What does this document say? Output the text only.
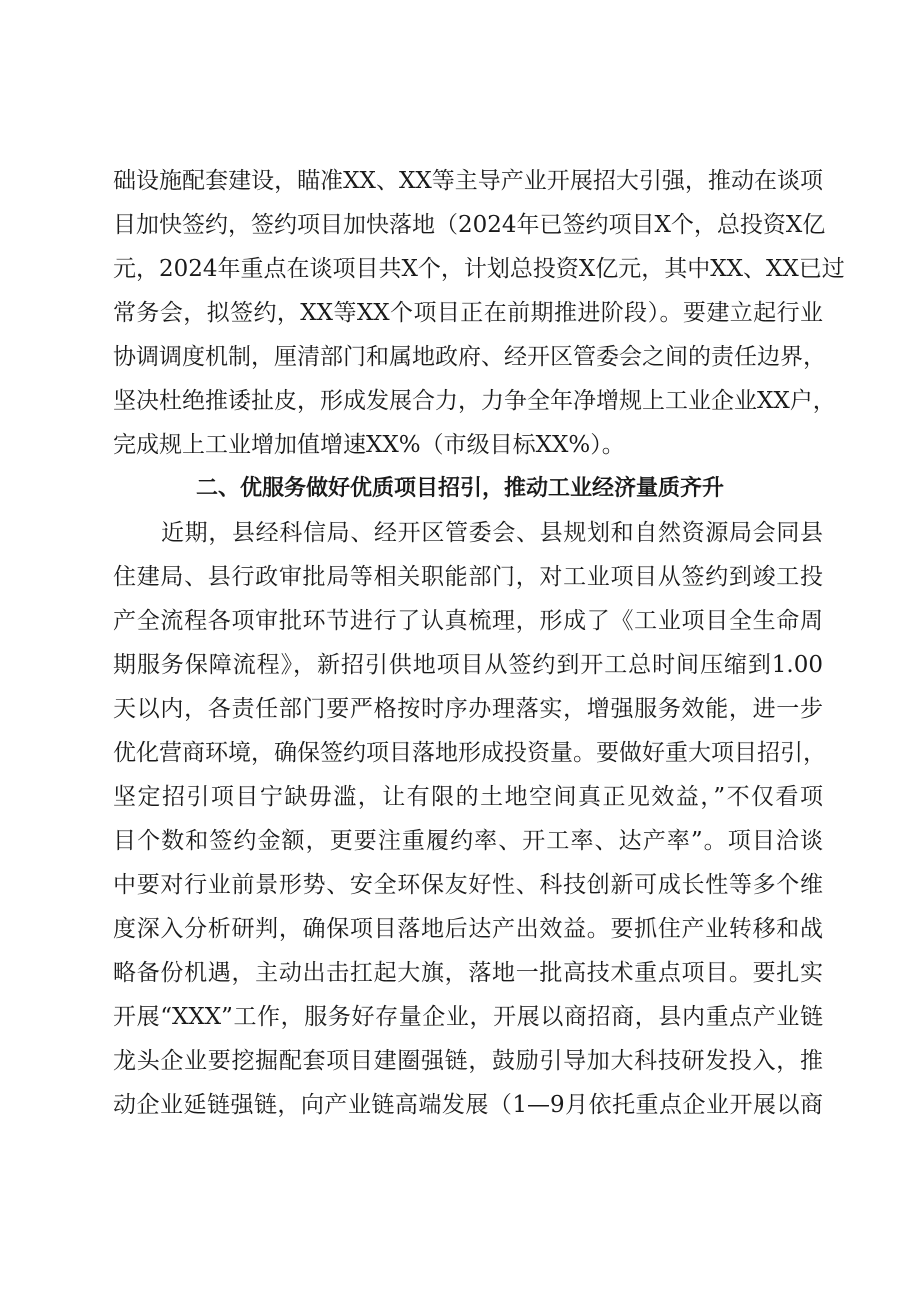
础设施配套建设，瞄准XX、XX等主导产业开展招大引强，推动在谈项
目加快签约，签约项目加快落地（2024年已签约项目X个，总投资X亿
元，2024年重点在谈项目共X个，计划总投资X亿元，其中XX、XX已过
常务会，拟签约，XX等XX个项目正在前期推进阶段）。要建立起行业
协调调度机制，厘清部门和属地政府、经开区管委会之间的责任边界，
坚决杜绝推诿扯皮，形成发展合力，力争全年净增规上工业企业XX户，
完成规上工业增加值增速XX%（市级目标XX%）。
二、优服务做好优质项目招引，推动工业经济量质齐升
近期，县经科信局、经开区管委会、县规划和自然资源局会同县
住建局、县行政审批局等相关职能部门，对工业项目从签约到竣工投
产全流程各项审批环节进行了认真梳理，形成了《工业项目全生命周
期服务保障流程》，新招引供地项目从签约到开工总时间压缩到1.00
天以内，各责任部门要严格按时序办理落实，增强服务效能，进一步
优化营商环境，确保签约项目落地形成投资量。要做好重大项目招引，
坚定招引项目宁缺毋滥，让有限的土地空间真正见效益，”不仅看项
目个数和签约金额，更要注重履约率、开工率、达产率”。项目洽谈
中要对行业前景形势、安全环保友好性、科技创新可成长性等多个维
度深入分析研判，确保项目落地后达产出效益。要抓住产业转移和战
略备份机遇，主动出击扛起大旗，落地一批高技术重点项目。要扎实
开展“XXX”工作，服务好存量企业，开展以商招商，县内重点产业链
龙头企业要挖掘配套项目建圈强链，鼓励引导加大科技研发投入，推
动企业延链强链，向产业链高端发展（1—9月依托重点企业开展以商
